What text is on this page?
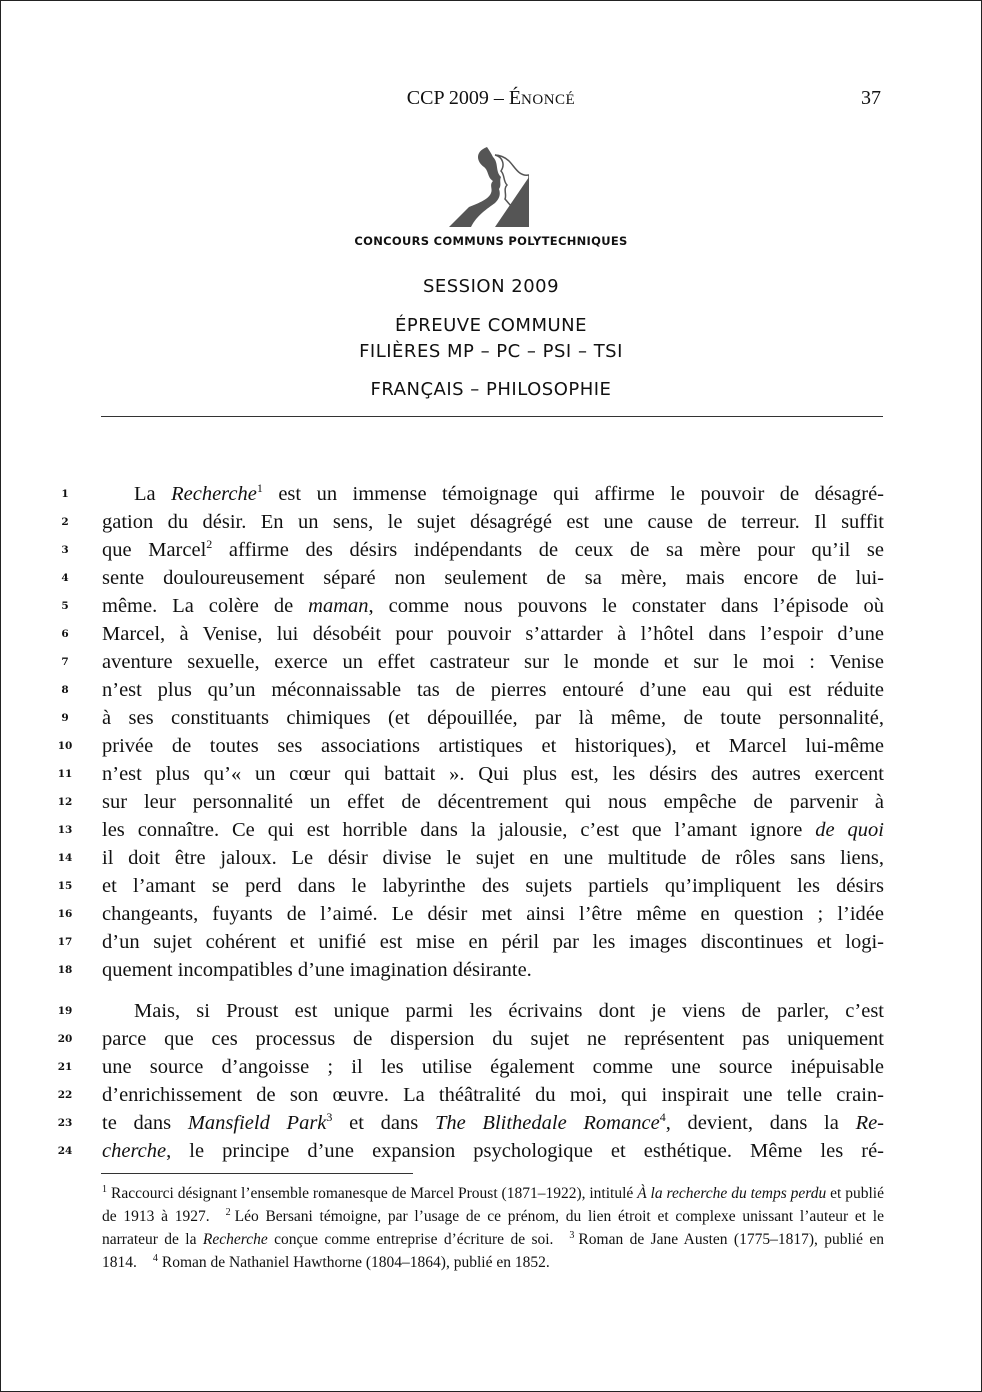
CCP 2009 – ÉNONCÉ	37
CONCOURS COMMUNS POLYTECHNIQUES
SESSION 2009
ÉPREUVE COMMUNE
FILIÈRES MP – PC – PSI – TSI
FRANÇAIS – PHILOSOPHIE
1
2
3
4
5
6
7
8
9
10
11
12
13
14
15
16
17
18
19
20
21
22
23
24
La Recherche$^1$ est un immense témoignage qui affirme le pouvoir de désagré-
gation du désir. En un sens, le sujet désagrégé est une cause de terreur. Il suffit
que Marcel$^2$ affirme des désirs indépendants de ceux de sa mère pour qu’il se
sente douloureusement séparé non seulement de sa mère, mais encore de lui-
même. La colère de maman, comme nous pouvons le constater dans l’épisode où
Marcel, à Venise, lui désobéit pour pouvoir s’attarder à l’hôtel dans l’espoir d’une
aventure sexuelle, exerce un effet castrateur sur le monde et sur le moi : Venise
n’est plus qu’un méconnaissable tas de pierres entouré d’une eau qui est réduite
à ses constituants chimiques (et dépouillée, par là même, de toute personnalité,
privée de toutes ses associations artistiques et historiques), et Marcel lui-même
n’est plus qu’« un cœur qui battait ». Qui plus est, les désirs des autres exercent
sur leur personnalité un effet de décentrement qui nous empêche de parvenir à
les connaître. Ce qui est horrible dans la jalousie, c’est que l’amant ignore de quoi
il doit être jaloux. Le désir divise le sujet en une multitude de rôles sans liens,
et l’amant se perd dans le labyrinthe des sujets partiels qu’impliquent les désirs
changeants, fuyants de l’aimé. Le désir met ainsi l’être même en question ; l’idée
d’un sujet cohérent et unifié est mise en péril par les images discontinues et logi-
quement incompatibles d’une imagination désirante.
Mais, si Proust est unique parmi les écrivains dont je viens de parler, c’est
parce que ces processus de dispersion du sujet ne représentent pas uniquement
une source d’angoisse ; il les utilise également comme une source inépuisable
d’enrichissement de son œuvre. La théâtralité du moi, qui inspirait une telle crain-
te dans Mansfield Park$^3$ et dans The Blithedale Romance$^4$, devient, dans la Re-
cherche, le principe d’une expansion psychologique et esthétique. Même les ré-
$^1$ Raccourci désignant l’ensemble romanesque de Marcel Proust (1871–1922), intitulé À la recherche du temps perdu et publié de 1913 à 1927. $^2$ Léo Bersani témoigne, par l’usage de ce prénom, du lien étroit et complexe unissant l’auteur et le narrateur de la Recherche conçue comme entreprise d’écriture de soi. $^3$ Roman de Jane Austen (1775–1817), publié en 1814. $^4$ Roman de Nathaniel Hawthorne (1804–1864), publié en 1852.
